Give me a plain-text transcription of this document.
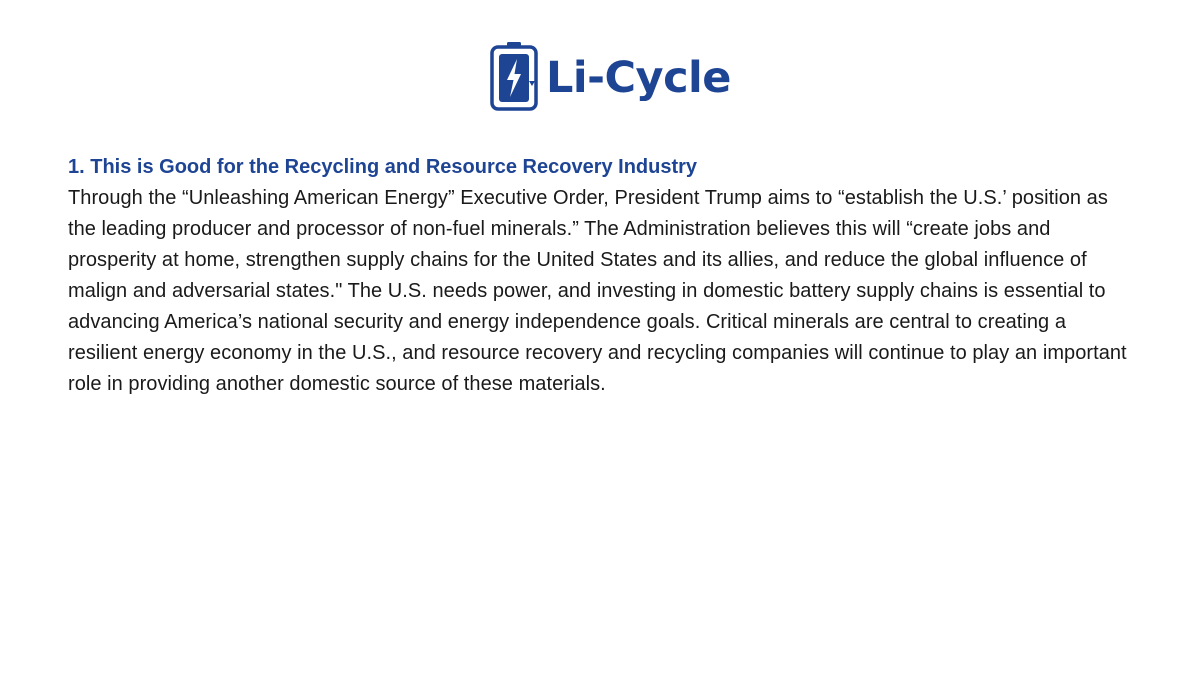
Li-Cycle
1. This is Good for the Recycling and Resource Recovery Industry

Through the “Unleashing American Energy” Executive Order, President Trump aims to “establish the U.S.’ position as the leading producer and processor of non-fuel minerals.” The Administration believes this will “create jobs and prosperity at home, strengthen supply chains for the United States and its allies, and reduce the global influence of malign and adversarial states." The U.S. needs power, and investing in domestic battery supply chains is essential to advancing America’s national security and energy independence goals. Critical minerals are central to creating a resilient energy economy in the U.S., and resource recovery and recycling companies will continue to play an important role in providing another domestic source of these materials.
